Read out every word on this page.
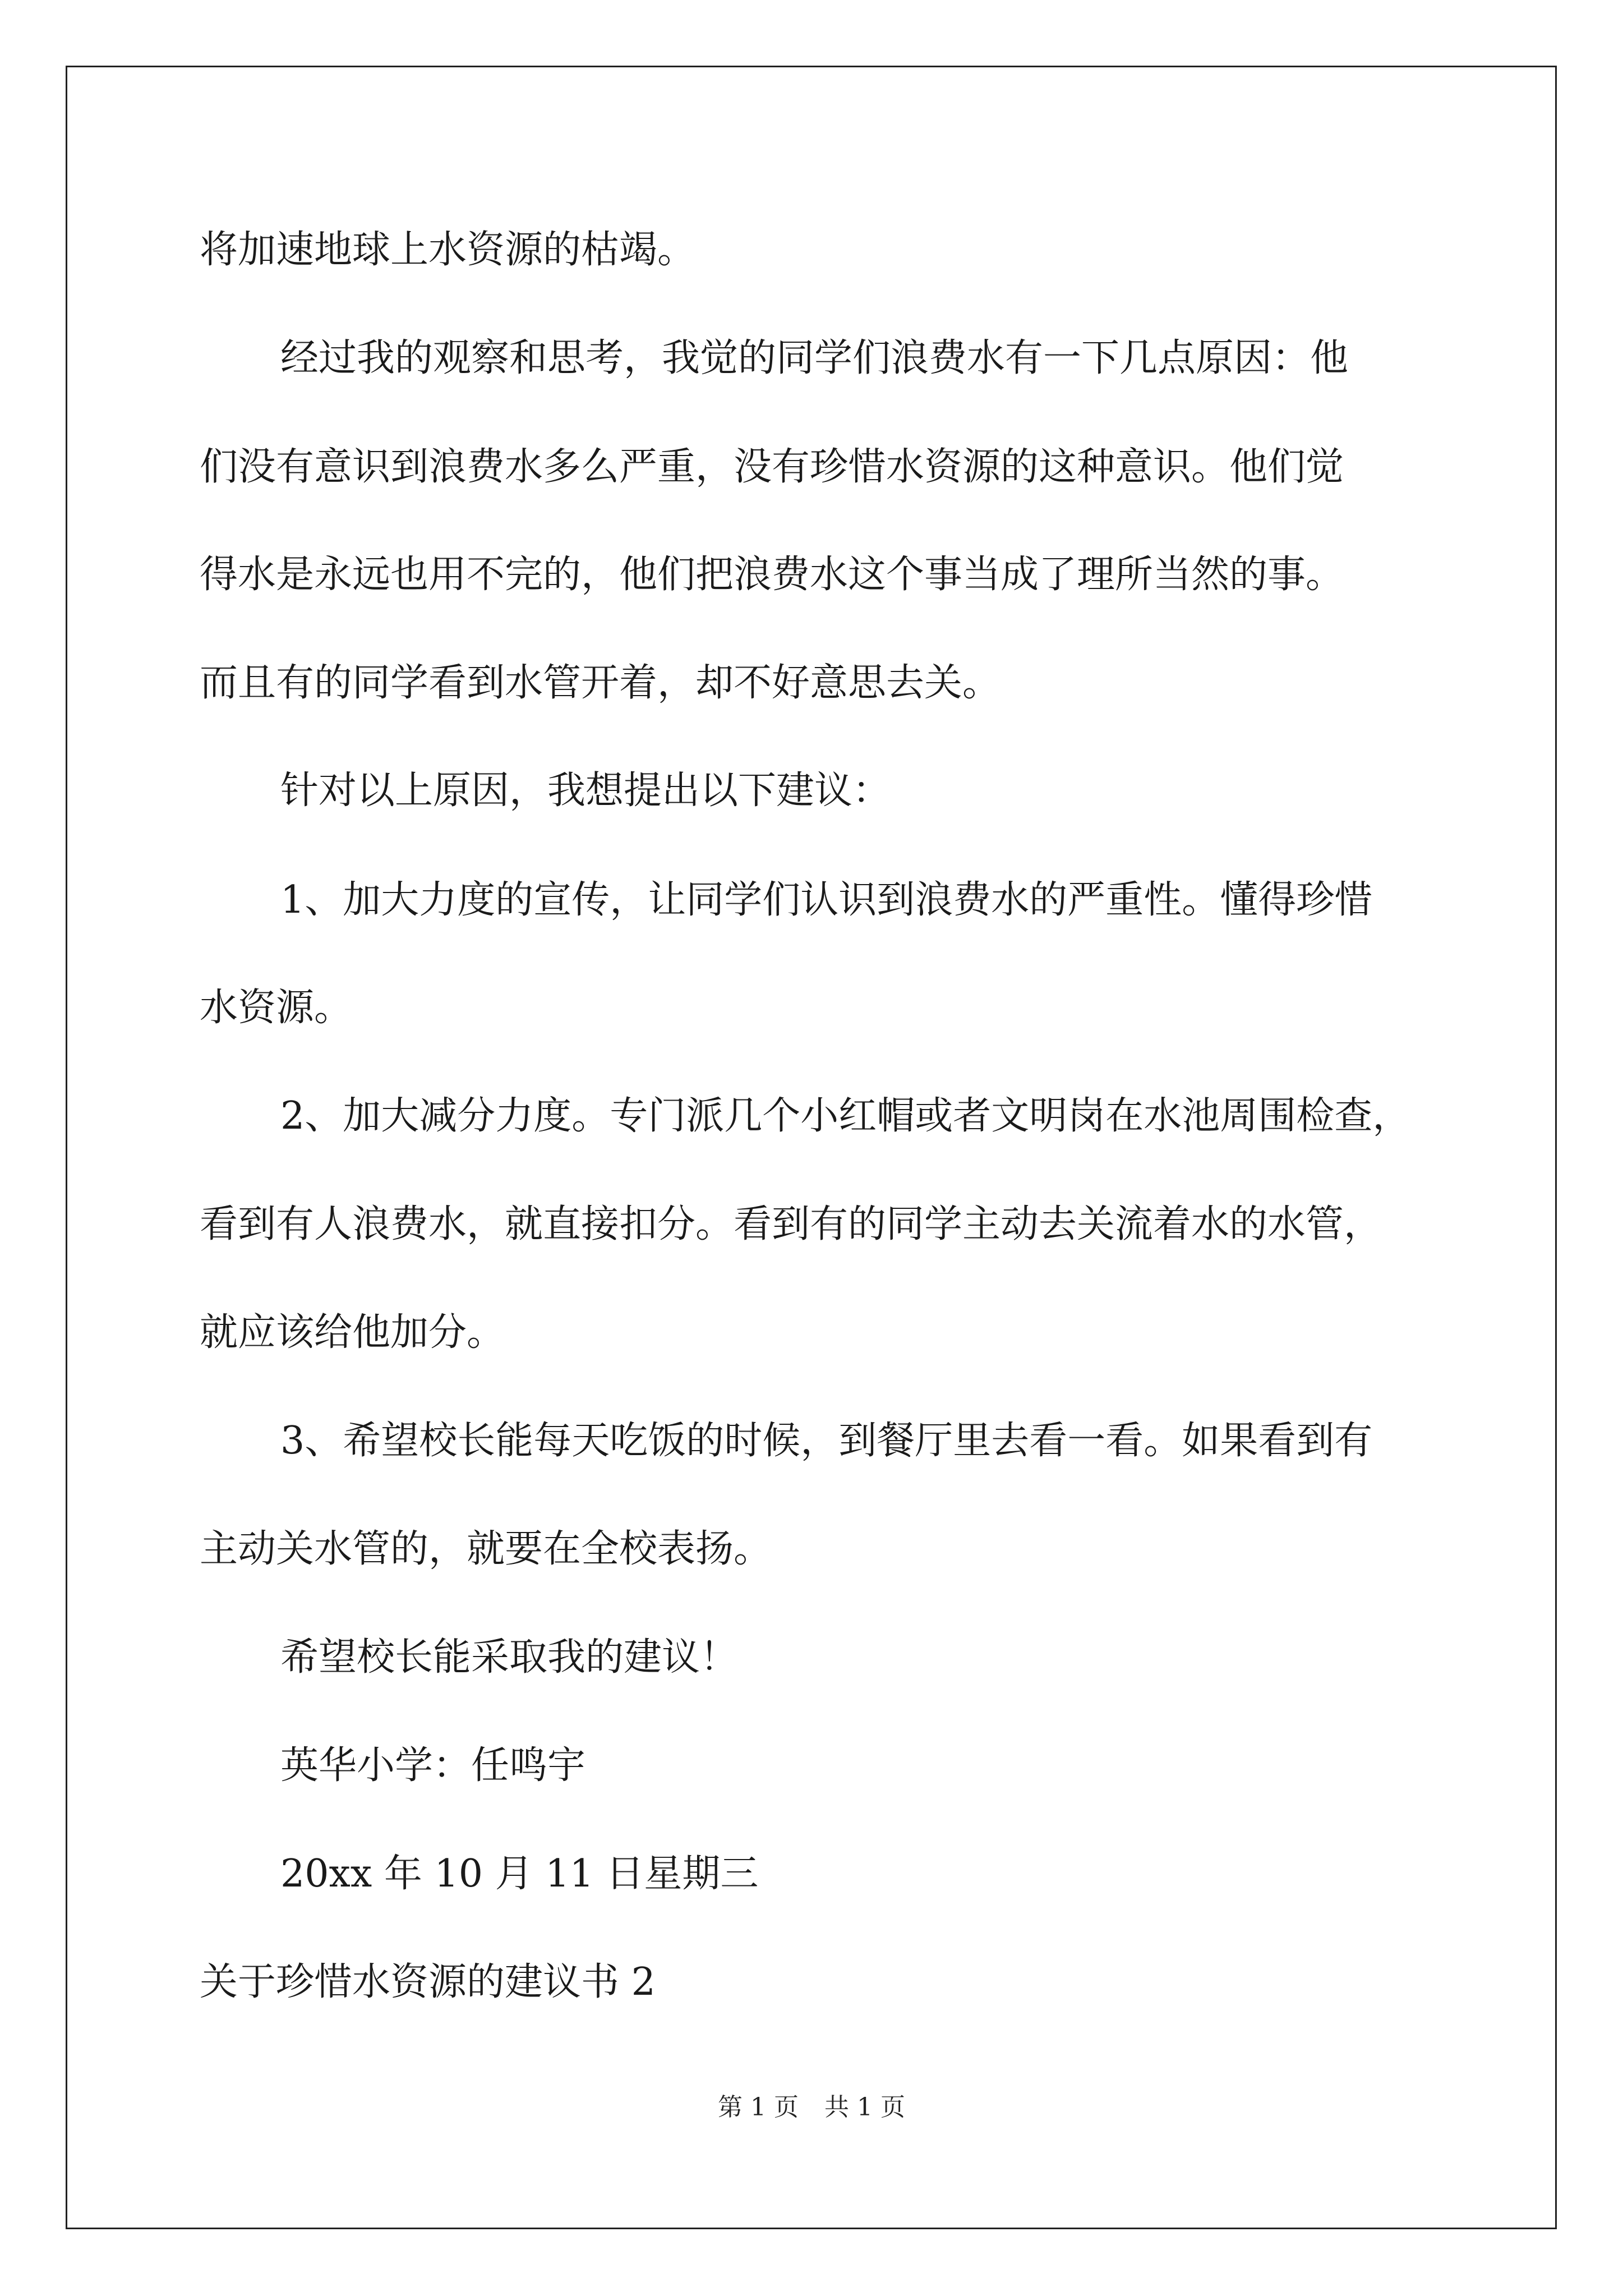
将加速地球上水资源的枯竭。
经过我的观察和思考，我觉的同学们浪费水有一下几点原因：他
们没有意识到浪费水多么严重，没有珍惜水资源的这种意识。他们觉
得水是永远也用不完的，他们把浪费水这个事当成了理所当然的事。
而且有的同学看到水管开着，却不好意思去关。
针对以上原因，我想提出以下建议：
1、加大力度的宣传，让同学们认识到浪费水的严重性。懂得珍惜
水资源。
2、加大减分力度。专门派几个小红帽或者文明岗在水池周围检查，
看到有人浪费水，就直接扣分。看到有的同学主动去关流着水的水管，
就应该给他加分。
3、希望校长能每天吃饭的时候，到餐厅里去看一看。如果看到有
主动关水管的，就要在全校表扬。
希望校长能采取我的建议！
英华小学：任鸣宇
20xx 年 10 月 11 日星期三
关于珍惜水资源的建议书 2
第 1 页 共 1 页
